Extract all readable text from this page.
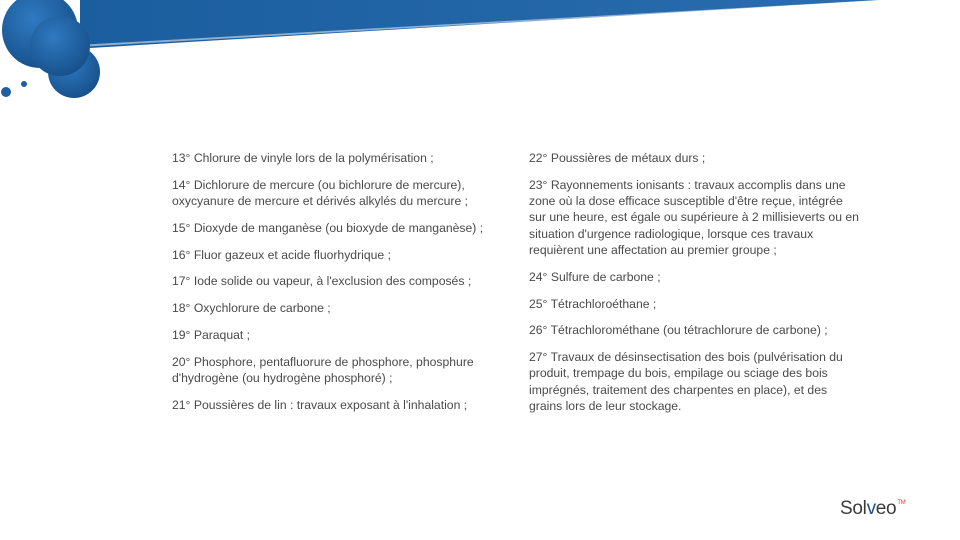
13° Chlorure de vinyle lors de la polymérisation ;

14° Dichlorure de mercure (ou bichlorure de mercure), oxycyanure de mercure et dérivés alkylés du mercure ;

15° Dioxyde de manganèse (ou bioxyde de manganèse) ;

16° Fluor gazeux et acide fluorhydrique ;

17° Iode solide ou vapeur, à l'exclusion des composés ;

18° Oxychlorure de carbone ;

19° Paraquat ;

20° Phosphore, pentafluorure de phosphore, phosphure d'hydrogène (ou hydrogène phosphoré) ;

21° Poussières de lin : travaux exposant à l'inhalation ;

22° Poussières de métaux durs ;

23° Rayonnements ionisants : travaux accomplis dans une zone où la dose efficace susceptible d'être reçue, intégrée sur une heure, est égale ou supérieure à 2 millisieverts ou en situation d'urgence radiologique, lorsque ces travaux requièrent une affectation au premier groupe ;

24° Sulfure de carbone ;

25° Tétrachloroéthane ;

26° Tétrachlorométhane (ou tétrachlorure de carbone) ;

27° Travaux de désinsectisation des bois (pulvérisation du produit, trempage du bois, empilage ou sciage des bois imprégnés, traitement des charpentes en place), et des grains lors de leur stockage.

Solveo™
